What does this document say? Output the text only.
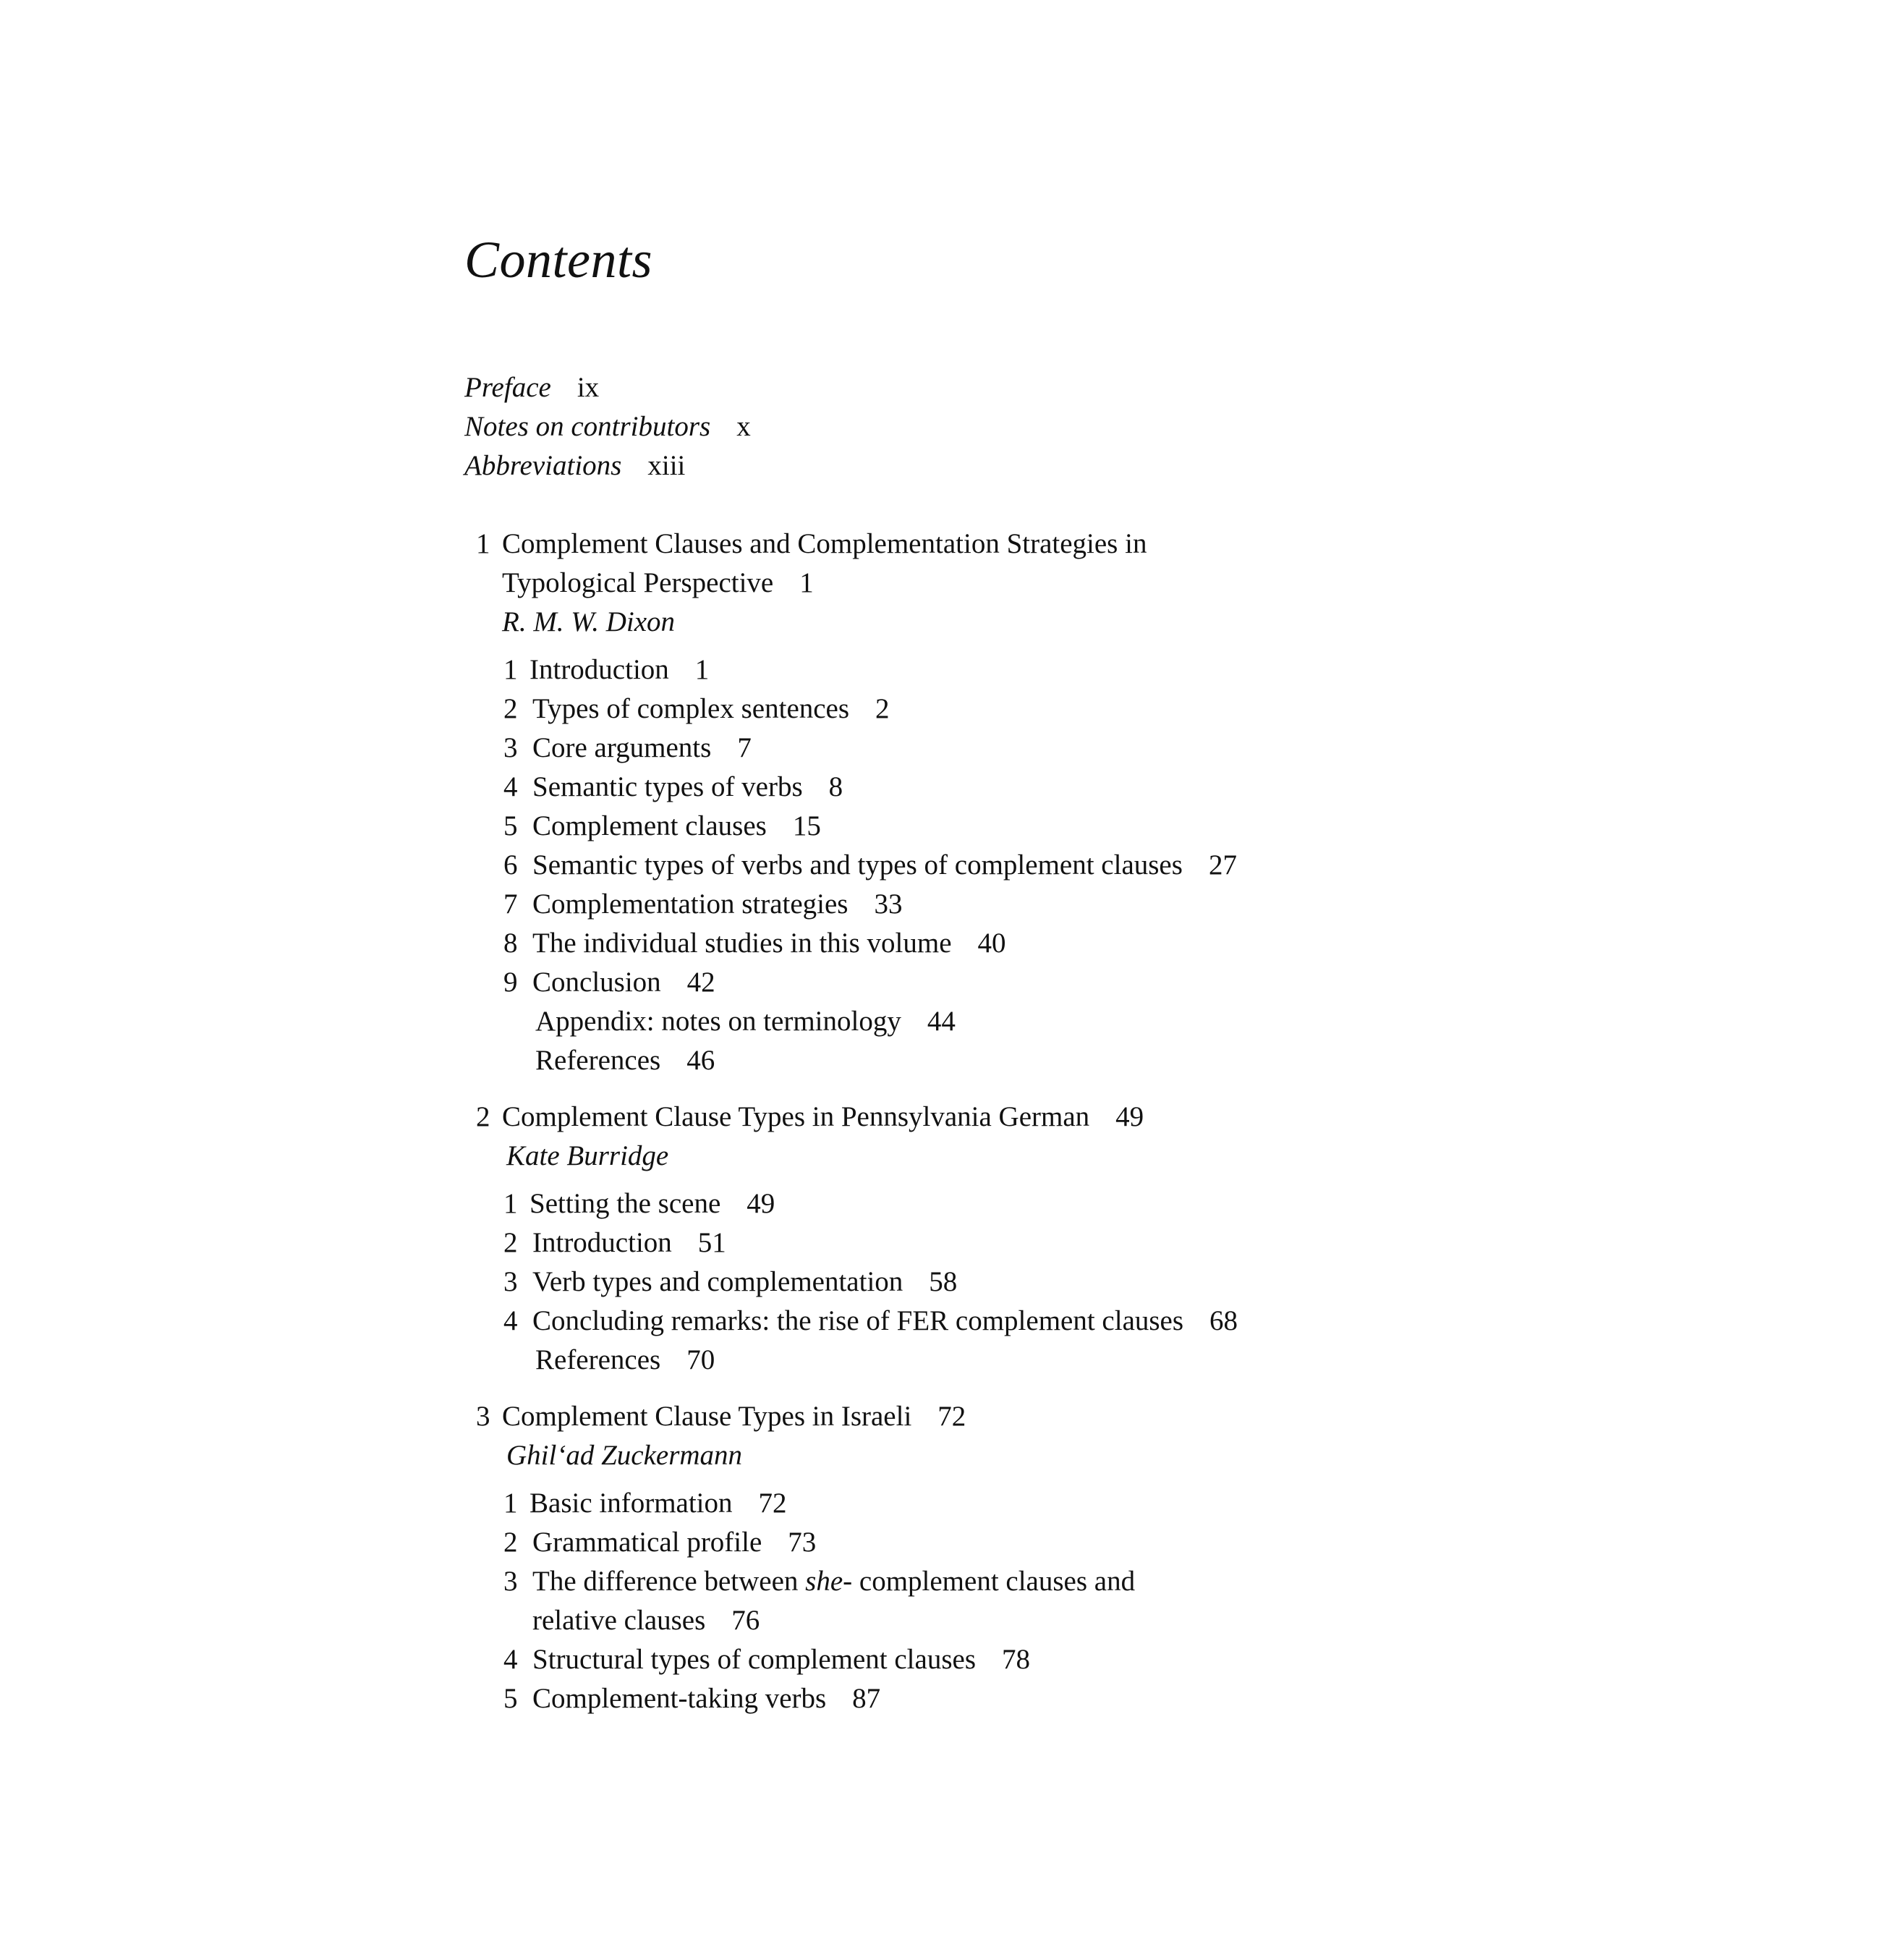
Contents
Preface ix
Notes on contributors x
Abbreviations xiii
1 Complement Clauses and Complementation Strategies in
Typological Perspective 1
R. M. W. Dixon
1 Introduction 1
2 Types of complex sentences 2
3 Core arguments 7
4 Semantic types of verbs 8
5 Complement clauses 15
6 Semantic types of verbs and types of complement clauses 27
7 Complementation strategies 33
8 The individual studies in this volume 40
9 Conclusion 42
Appendix: notes on terminology 44
References 46
2 Complement Clause Types in Pennsylvania German 49
Kate Burridge
1 Setting the scene 49
2 Introduction 51
3 Verb types and complementation 58
4 Concluding remarks: the rise of FER complement clauses 68
References 70
3 Complement Clause Types in Israeli 72
Ghil‘ad Zuckermann
1 Basic information 72
2 Grammatical profile 73
3 The difference between she- complement clauses and
relative clauses 76
4 Structural types of complement clauses 78
5 Complement-taking verbs 87
